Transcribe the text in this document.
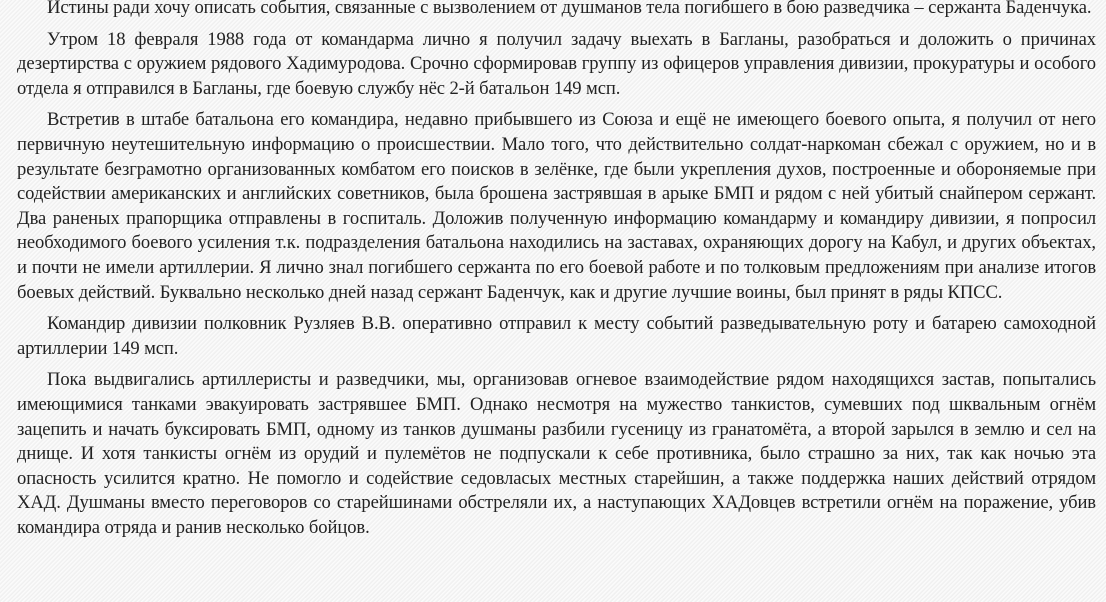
Истины ради хочу описать события, связанные с вызволением от душманов тела погибшего в бою разведчика – сержанта Баденчука.

Утром 18 февраля 1988 года от командарма лично я получил задачу выехать в Багланы, разобраться и доложить о причинах дезертирства с оружием рядового Хадимуродова. Срочно сформировав группу из офицеров управления дивизии, прокуратуры и особого отдела я отправился в Багланы, где боевую службу нёс 2-й батальон 149 мсп.

Встретив в штабе батальона его командира, недавно прибывшего из Союза и ещё не имеющего боевого опыта, я получил от него первичную неутешительную информацию о происшествии. Мало того, что действительно солдат-наркоман сбежал с оружием, но и в результате безграмотно организованных комбатом его поисков в зелёнке, где были укрепления духов, построенные и обороняемые при содействии американских и английских советников, была брошена застрявшая в арыке БМП и рядом с ней убитый снайпером сержант. Два раненых прапорщика отправлены в госпиталь. Доложив полученную информацию командарму и командиру дивизии, я попросил необходимого боевого усиления т.к. подразделения батальона находились на заставах, охраняющих дорогу на Кабул, и других объектах, и почти не имели артиллерии. Я лично знал погибшего сержанта по его боевой работе и по толковым предложениям при анализе итогов боевых действий. Буквально несколько дней назад сержант Баденчук, как и другие лучшие воины, был принят в ряды КПСС.

Командир дивизии полковник Рузляев В.В. оперативно отправил к месту событий разведывательную роту и батарею самоходной артиллерии 149 мсп.

Пока выдвигались артиллеристы и разведчики, мы, организовав огневое взаимодействие рядом находящихся застав, попытались имеющимися танками эвакуировать застрявшее БМП. Однако несмотря на мужество танкистов, сумевших под шквальным огнём зацепить и начать буксировать БМП, одному из танков душманы разбили гусеницу из гранатомёта, а второй зарылся в землю и сел на днище. И хотя танкисты огнём из орудий и пулемётов не подпускали к себе противника, было страшно за них, так как ночью эта опасность усилится кратно. Не помогло и содействие седовласых местных старейшин, а также поддержка наших действий отрядом ХАД. Душманы вместо переговоров со старейшинами обстреляли их, а наступающих ХАДовцев встретили огнём на поражение, убив командира отряда и ранив несколько бойцов.
